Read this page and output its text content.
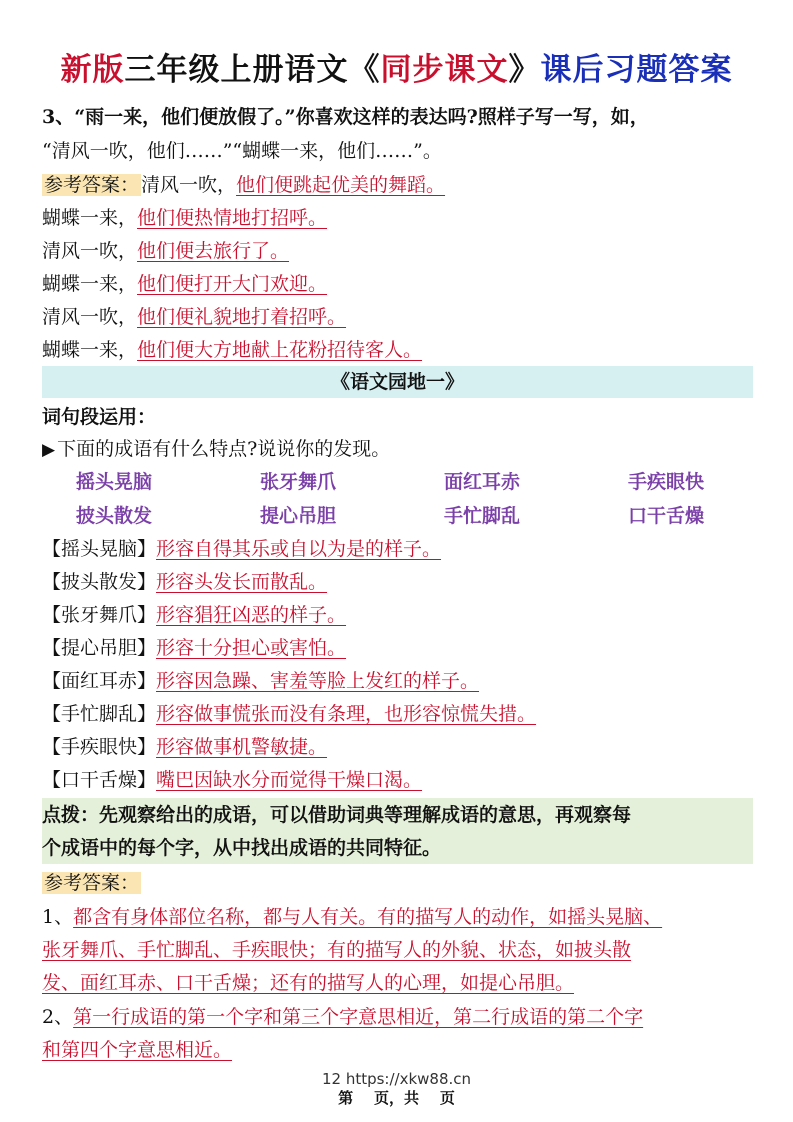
新版三年级上册语文《同步课文》课后习题答案
3、“雨一来，他们便放假了。”你喜欢这样的表达吗?照样子写一写，如，
“清风一吹，他们……”“蝴蝶一来，他们……”。
参考答案： 清风一吹，他们便跳起优美的舞蹈。
蝴蝶一来，他们便热情地打招呼。
清风一吹，他们便去旅行了。
蝴蝶一来，他们便打开大门欢迎。
清风一吹，他们便礼貌地打着招呼。
蝴蝶一来，他们便大方地献上花粉招待客人。
《语文园地一》
词句段运用：
▶ 下面的成语有什么特点?说说你的发现。
摇头晃脑	张牙舞爪	面红耳赤	手疾眼快
披头散发	提心吊胆	手忙脚乱	口干舌燥
【摇头晃脑】形容自得其乐或自以为是的样子。
【披头散发】形容头发长而散乱。
【张牙舞爪】形容猖狂凶恶的样子。
【提心吊胆】形容十分担心或害怕。
【面红耳赤】形容因急躁、害羞等脸上发红的样子。
【手忙脚乱】形容做事慌张而没有条理，也形容惊慌失措。
【手疾眼快】形容做事机警敏捷。
【口干舌燥】嘴巴因缺水分而觉得干燥口渴。
点拨：先观察给出的成语，可以借助词典等理解成语的意思，再观察每
个成语中的每个字，从中找出成语的共同特征。
参考答案：
1、都含有身体部位名称，都与人有关。有的描写人的动作，如摇头晃脑、
张牙舞爪、手忙脚乱、手疾眼快；有的描写人的外貌、状态，如披头散
发、面红耳赤、口干舌燥；还有的描写人的心理，如提心吊胆。
2、第一行成语的第一个字和第三个字意思相近，第二行成语的第二个字
和第四个字意思相近。
12 https://xkw88.cn
第    页，共    页
